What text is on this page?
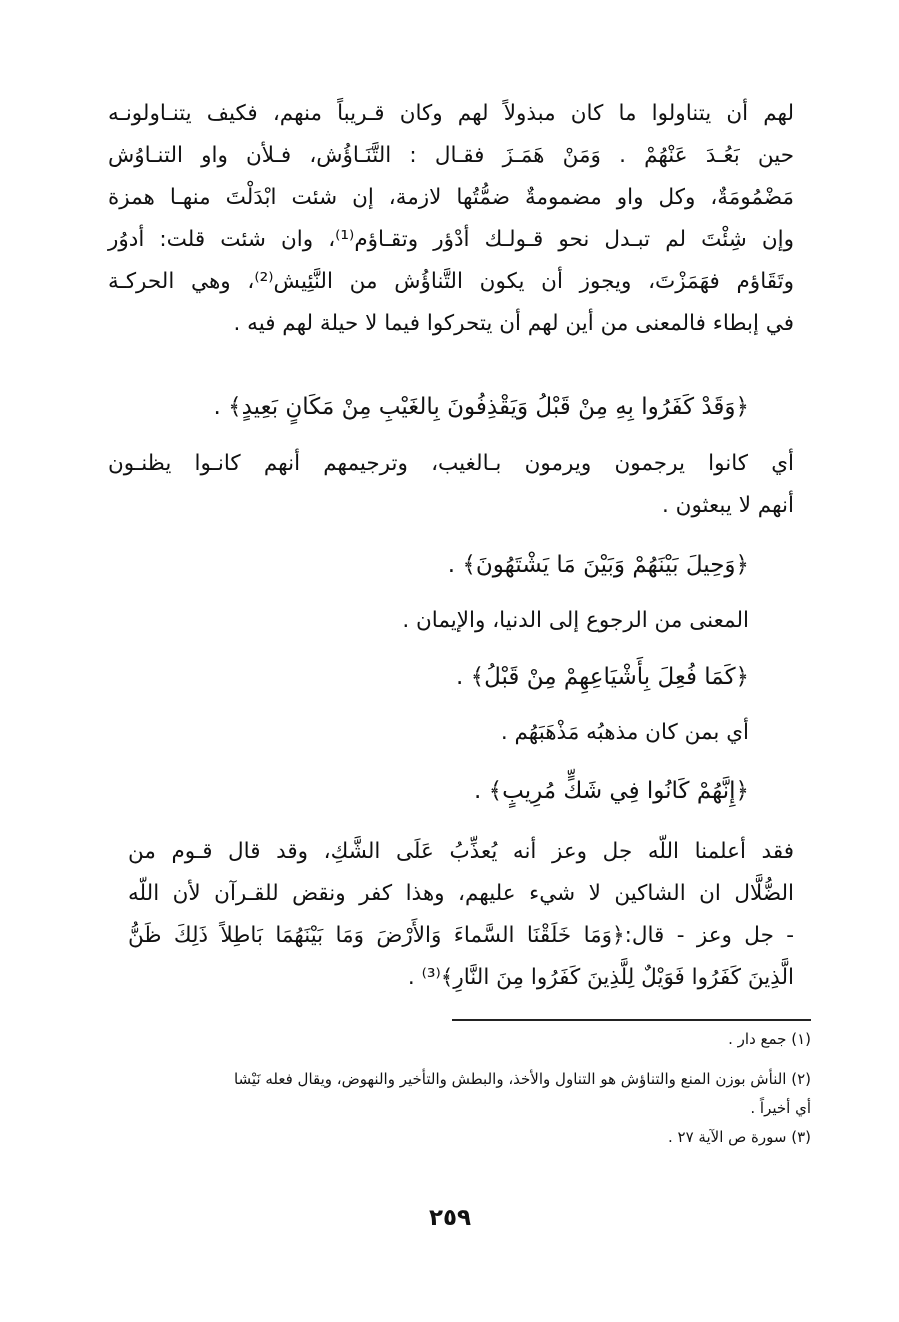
لهم أن يتناولوا ما كان مبذولاً لهم وكان قـريباً منهم، فكيف يتنـاولونـه
حين بَعُـدَ عَنْهُمْ . وَمَنْ هَمَـزَ فقـال : التَّنَـاؤُش، فـلأن واو التنـاوُش
مَضْمُومَةٌ، وكل واو مضمومةٌ ضمُّتُها لازمة، إن شئت ابْدَلْتَ منهـا همزة
وإن شِئْتَ لم تبـدل نحو قـولـك أدْؤر وتقـاؤم⁽¹⁾، وان شئت قلت: أدوُر
وتَقَاؤم فهَمَزْتَ، ويجوز أن يكون التَّناؤُش من النَّئِيش⁽²⁾، وهي الحركـة
في إبطاء فالمعنى من أين لهم أن يتحركوا فيما لا حيلة لهم فيه .
﴿وَقَدْ كَفَرُوا بِهِ مِنْ قَبْلُ وَيَقْذِفُونَ بِالغَيْبِ مِنْ مَكَانٍ بَعِيدٍ﴾ .
أي كانوا يرجمون ويرمون بـالغيب، وترجيمهم أنهم كانـوا يظنـون
أنهم لا يبعثون .
﴿وَحِيلَ بَيْنَهُمْ وَبَيْنَ مَا يَشْتَهُونَ﴾ .
المعنى من الرجوع إلى الدنيا، والإيمان .
﴿كَمَا فُعِلَ بِأَشْيَاعِهِمْ مِنْ قَبْلُ﴾ .
أي بمن كان مذهبُه مَذْهَبَهُم .
﴿إِنَّهُمْ كَانُوا فِي شَكٍّ مُرِيبٍ﴾ .
فقد أعلمنا اللّه جل وعز أنه يُعذِّبُ عَلَى الشَّكِ، وقد قال قـوم من
الضُّلَّال ان الشاكين لا شيء عليهم، وهذا كفر ونقض للقـرآن لأن اللّه
- جل وعز - قال:﴿وَمَا خَلَقْنَا السَّماءَ وَالأَرْضَ وَمَا بَيْنَهُمَا بَاطِلاً ذَلِكَ ظَنُّ
الَّذِينَ كَفَرُوا فَوَيْلٌ لِلَّذِينَ كَفَرُوا مِنَ النَّارِ﴾⁽³⁾ .
(١) جمع دار .
(٢) النأش بوزن المنع والتناؤش هو التناول والأخذ، والبطش والتأخير والنهوض، ويقال فعله نَيْشا
أي أخيراً .
(٣) سورة ص الآية ٢٧ .
٢٥٩
